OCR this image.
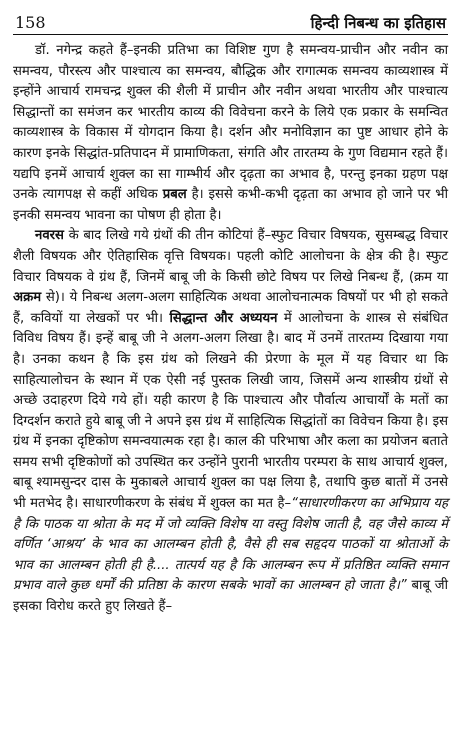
158	हिन्दी निबन्ध का इतिहास

डॉ. नगेन्द्र कहते हैं–इनकी प्रतिभा का विशिष्ट गुण है समन्वय-प्राचीन और नवीन का समन्वय, पौरस्त्य और पाश्चात्य का समन्वय, बौद्धिक और रागात्मक समन्वय काव्यशास्त्र में इन्होंने आचार्य रामचन्द्र शुक्ल की शैली में प्राचीन और नवीन अथवा भारतीय और पाश्चात्य सिद्धान्तों का समंजन कर भारतीय काव्य की विवेचना करने के लिये एक प्रकार के समन्वित काव्यशास्त्र के विकास में योगदान किया है। दर्शन और मनोविज्ञान का पुष्ट आधार होने के कारण इनके सिद्धांत-प्रतिपादन में प्रामाणिकता, संगति और तारतम्य के गुण विद्यमान रहते हैं। यद्यपि इनमें आचार्य शुक्ल का सा गाम्भीर्य और दृढ़ता का अभाव है, परन्तु इनका ग्रहण पक्ष उनके त्यागपक्ष से कहीं अधिक प्रबल है। इससे कभी-कभी दृढ़ता का अभाव हो जाने पर भी इनकी समन्वय भावना का पोषण ही होता है।

नवरस के बाद लिखे गये ग्रंथों की तीन कोटियां हैं–स्फुट विचार विषयक, सुसम्बद्ध विचार शैली विषयक और ऐतिहासिक वृत्ति विषयक। पहली कोटि आलोचना के क्षेत्र की है। स्फुट विचार विषयक वे ग्रंथ हैं, जिनमें बाबू जी के किसी छोटे विषय पर लिखे निबन्ध हैं, (क्रम या अक्रम से)। ये निबन्ध अलग-अलग साहित्यिक अथवा आलोचनात्मक विषयों पर भी हो सकते हैं, कवियों या लेखकों पर भी। सिद्धान्त और अध्ययन में आलोचना के शास्त्र से संबंधित विविध विषय हैं। इन्हें बाबू जी ने अलग-अलग लिखा है। बाद में उनमें तारतम्य दिखाया गया है। उनका कथन है कि इस ग्रंथ को लिखने की प्रेरणा के मूल में यह विचार था कि साहित्यालोचन के स्थान में एक ऐसी नई पुस्तक लिखी जाय, जिसमें अन्य शास्त्रीय ग्रंथों से अच्छे उदाहरण दिये गये हों। यही कारण है कि पाश्चात्य और पौर्वात्य आचार्यों के मतों का दिग्दर्शन कराते हुये बाबू जी ने अपने इस ग्रंथ में साहित्यिक सिद्धांतों का विवेचन किया है। इस ग्रंथ में इनका दृष्टिकोण समन्वयात्मक रहा है। काल की परिभाषा और कला का प्रयोजन बताते समय सभी दृष्टिकोणों को उपस्थित कर उन्होंने पुरानी भारतीय परम्परा के साथ आचार्य शुक्ल, बाबू श्यामसुन्दर दास के मुकाबले आचार्य शुक्ल का पक्ष लिया है, तथापि कुछ बातों में उनसे भी मतभेद है। साधारणीकरण के संबंध में शुक्ल का मत है–“साधारणीकरण का अभिप्राय यह है कि पाठक या श्रोता के मद में जो व्यक्ति विशेष या वस्तु विशेष जाती है, वह जैसे काव्य में वर्णित ‘आश्रय’ के भाव का आलम्बन होती है, वैसे ही सब सहृदय पाठकों या श्रोताओं के भाव का आलम्बन होती ही है.... तात्पर्य यह है कि आलम्बन रूप में प्रतिष्ठित व्यक्ति समान प्रभाव वाले कुछ धर्मों की प्रतिष्ठा के कारण सबके भावों का आलम्बन हो जाता है।” बाबू जी इसका विरोध करते हुए लिखते हैं–
